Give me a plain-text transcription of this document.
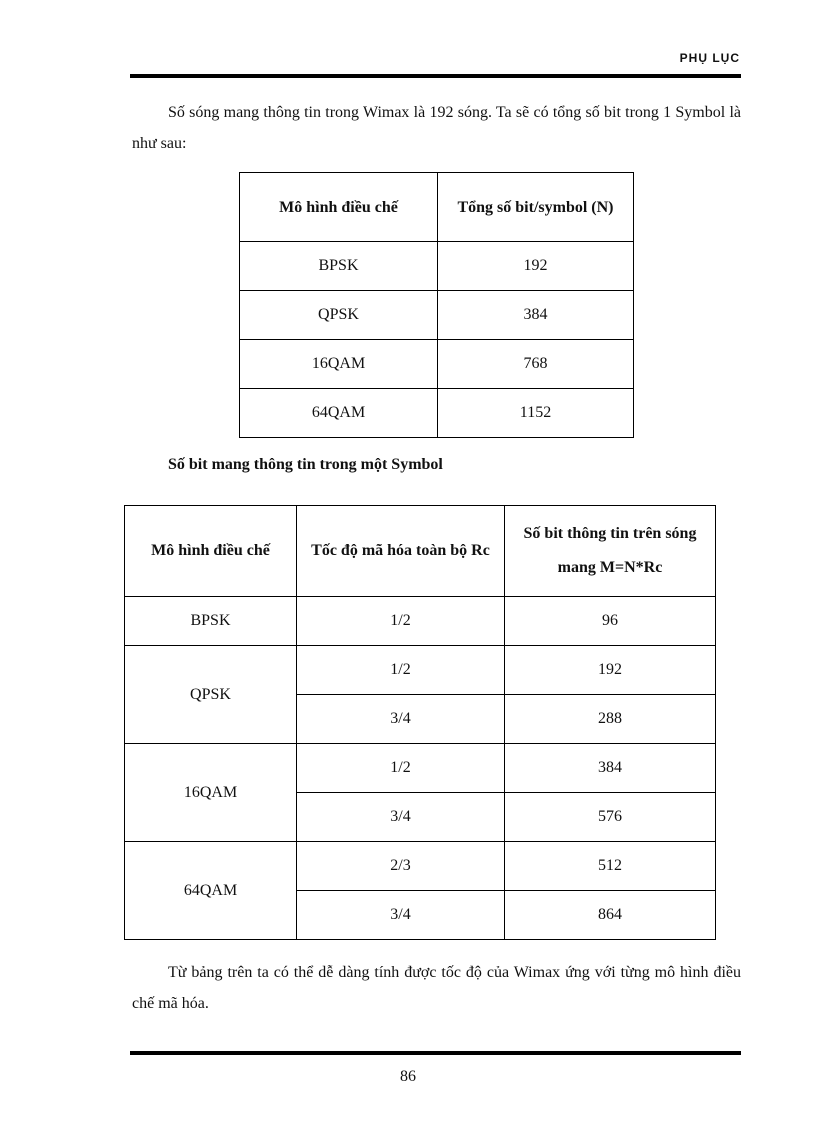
PHỤ LỤC

Số sóng mang thông tin trong Wimax là 192 sóng. Ta sẽ có tổng số bit trong 1 Symbol là như sau:

Mô hình điều chế	Tổng số bit/symbol (N)
BPSK	192
QPSK	384
16QAM	768
64QAM	1152
Số bit mang thông tin trong một Symbol
Mô hình điều chế	Tốc độ mã hóa toàn bộ Rc	Số bit thông tin trên sóng mang M=N*Rc
BPSK	1/2	96
QPSK	1/2	192
	3/4	288
16QAM	1/2	384
	3/4	576
64QAM	2/3	512
	3/4	864

Từ bảng trên ta có thể dễ dàng tính được tốc độ của Wimax ứng với từng mô hình điều chế mã hóa.

86
